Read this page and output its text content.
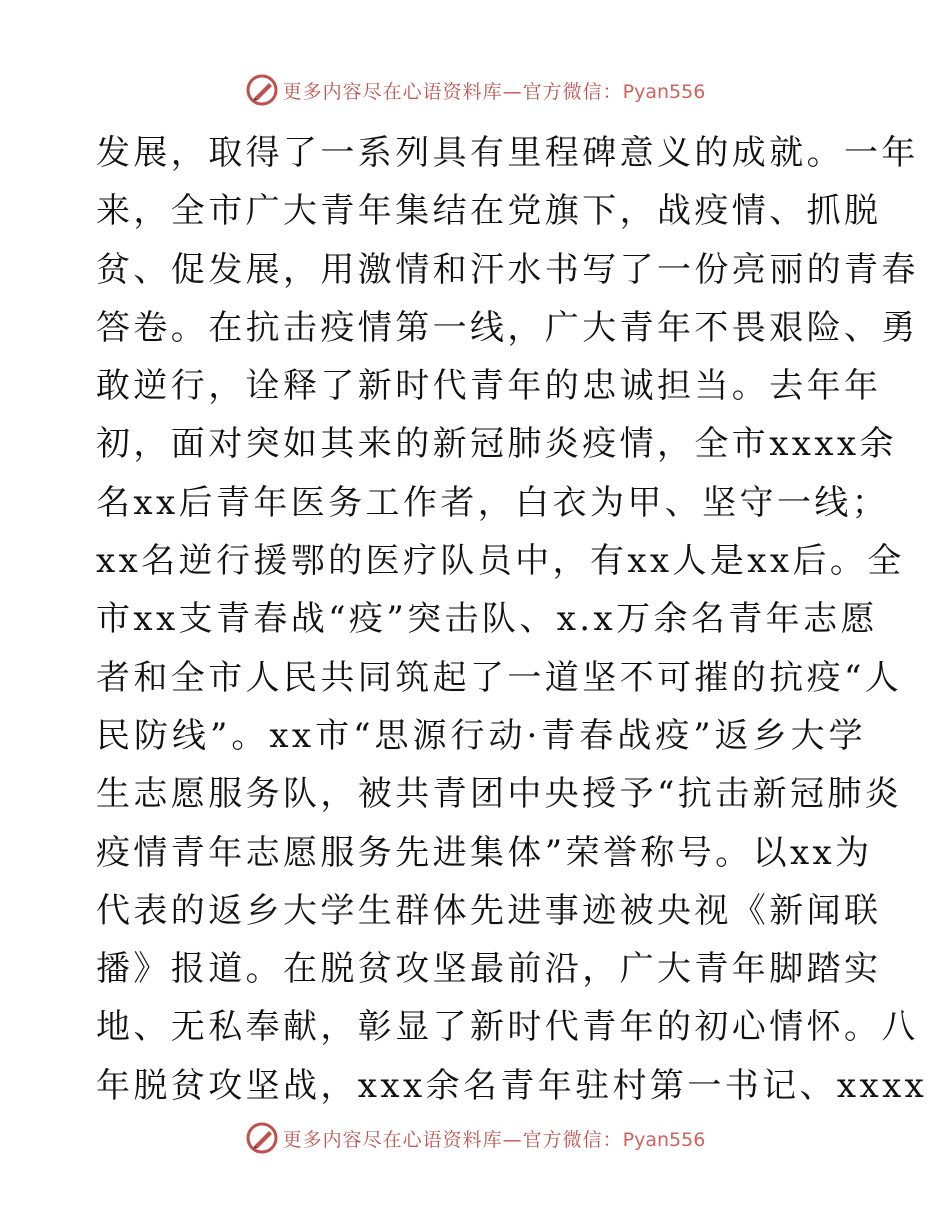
更多内容尽在心语资料库—官方微信：Pyan556
发展，取得了一系列具有里程碑意义的成就。一年
来，全市广大青年集结在党旗下，战疫情、抓脱
贫、促发展，用激情和汗水书写了一份亮丽的青春
答卷。在抗击疫情第一线，广大青年不畏艰险、勇
敢逆行，诠释了新时代青年的忠诚担当。去年年
初，面对突如其来的新冠肺炎疫情，全市xxxx余
名xx后青年医务工作者，白衣为甲、坚守一线；
xx名逆行援鄂的医疗队员中，有xx人是xx后。全
市xx支青春战“疫”突击队、x.x万余名青年志愿
者和全市人民共同筑起了一道坚不可摧的抗疫“人
民防线”。xx市“思源行动·青春战疫”返乡大学
生志愿服务队，被共青团中央授予“抗击新冠肺炎
疫情青年志愿服务先进集体”荣誉称号。以xx为
代表的返乡大学生群体先进事迹被央视《新闻联
播》报道。在脱贫攻坚最前沿，广大青年脚踏实
地、无私奉献，彰显了新时代青年的初心情怀。八
年脱贫攻坚战，xxx余名青年驻村第一书记、xxxx
更多内容尽在心语资料库—官方微信：Pyan556
